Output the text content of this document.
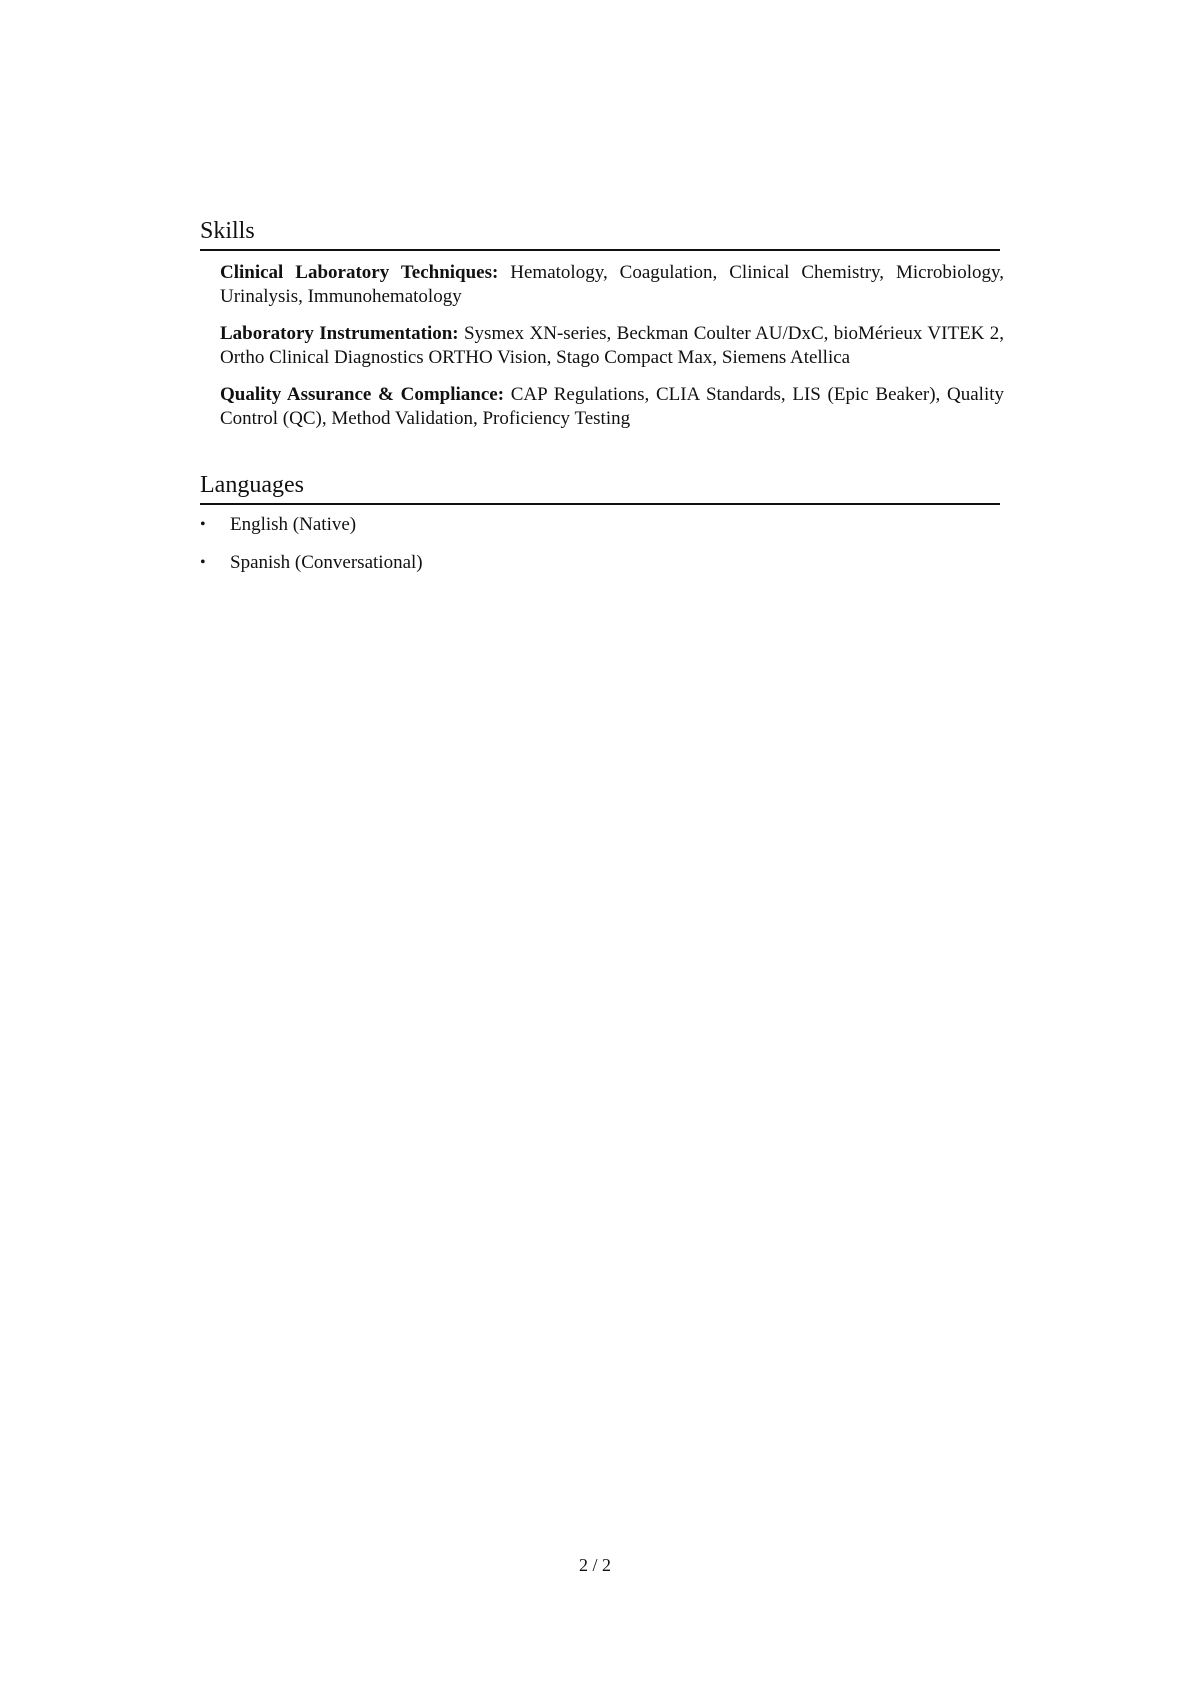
Skills

Clinical Laboratory Techniques: Hematology, Coagulation, Clinical Chemistry, Microbiology, Urinalysis, Immunohematology

Laboratory Instrumentation: Sysmex XN-series, Beckman Coulter AU/DxC, bioMérieux VITEK 2, Ortho Clinical Diagnostics ORTHO Vision, Stago Compact Max, Siemens Atellica

Quality Assurance & Compliance: CAP Regulations, CLIA Standards, LIS (Epic Beaker), Quality Control (QC), Method Validation, Proficiency Testing

Languages
• English (Native)
• Spanish (Conversational)
2 / 2
